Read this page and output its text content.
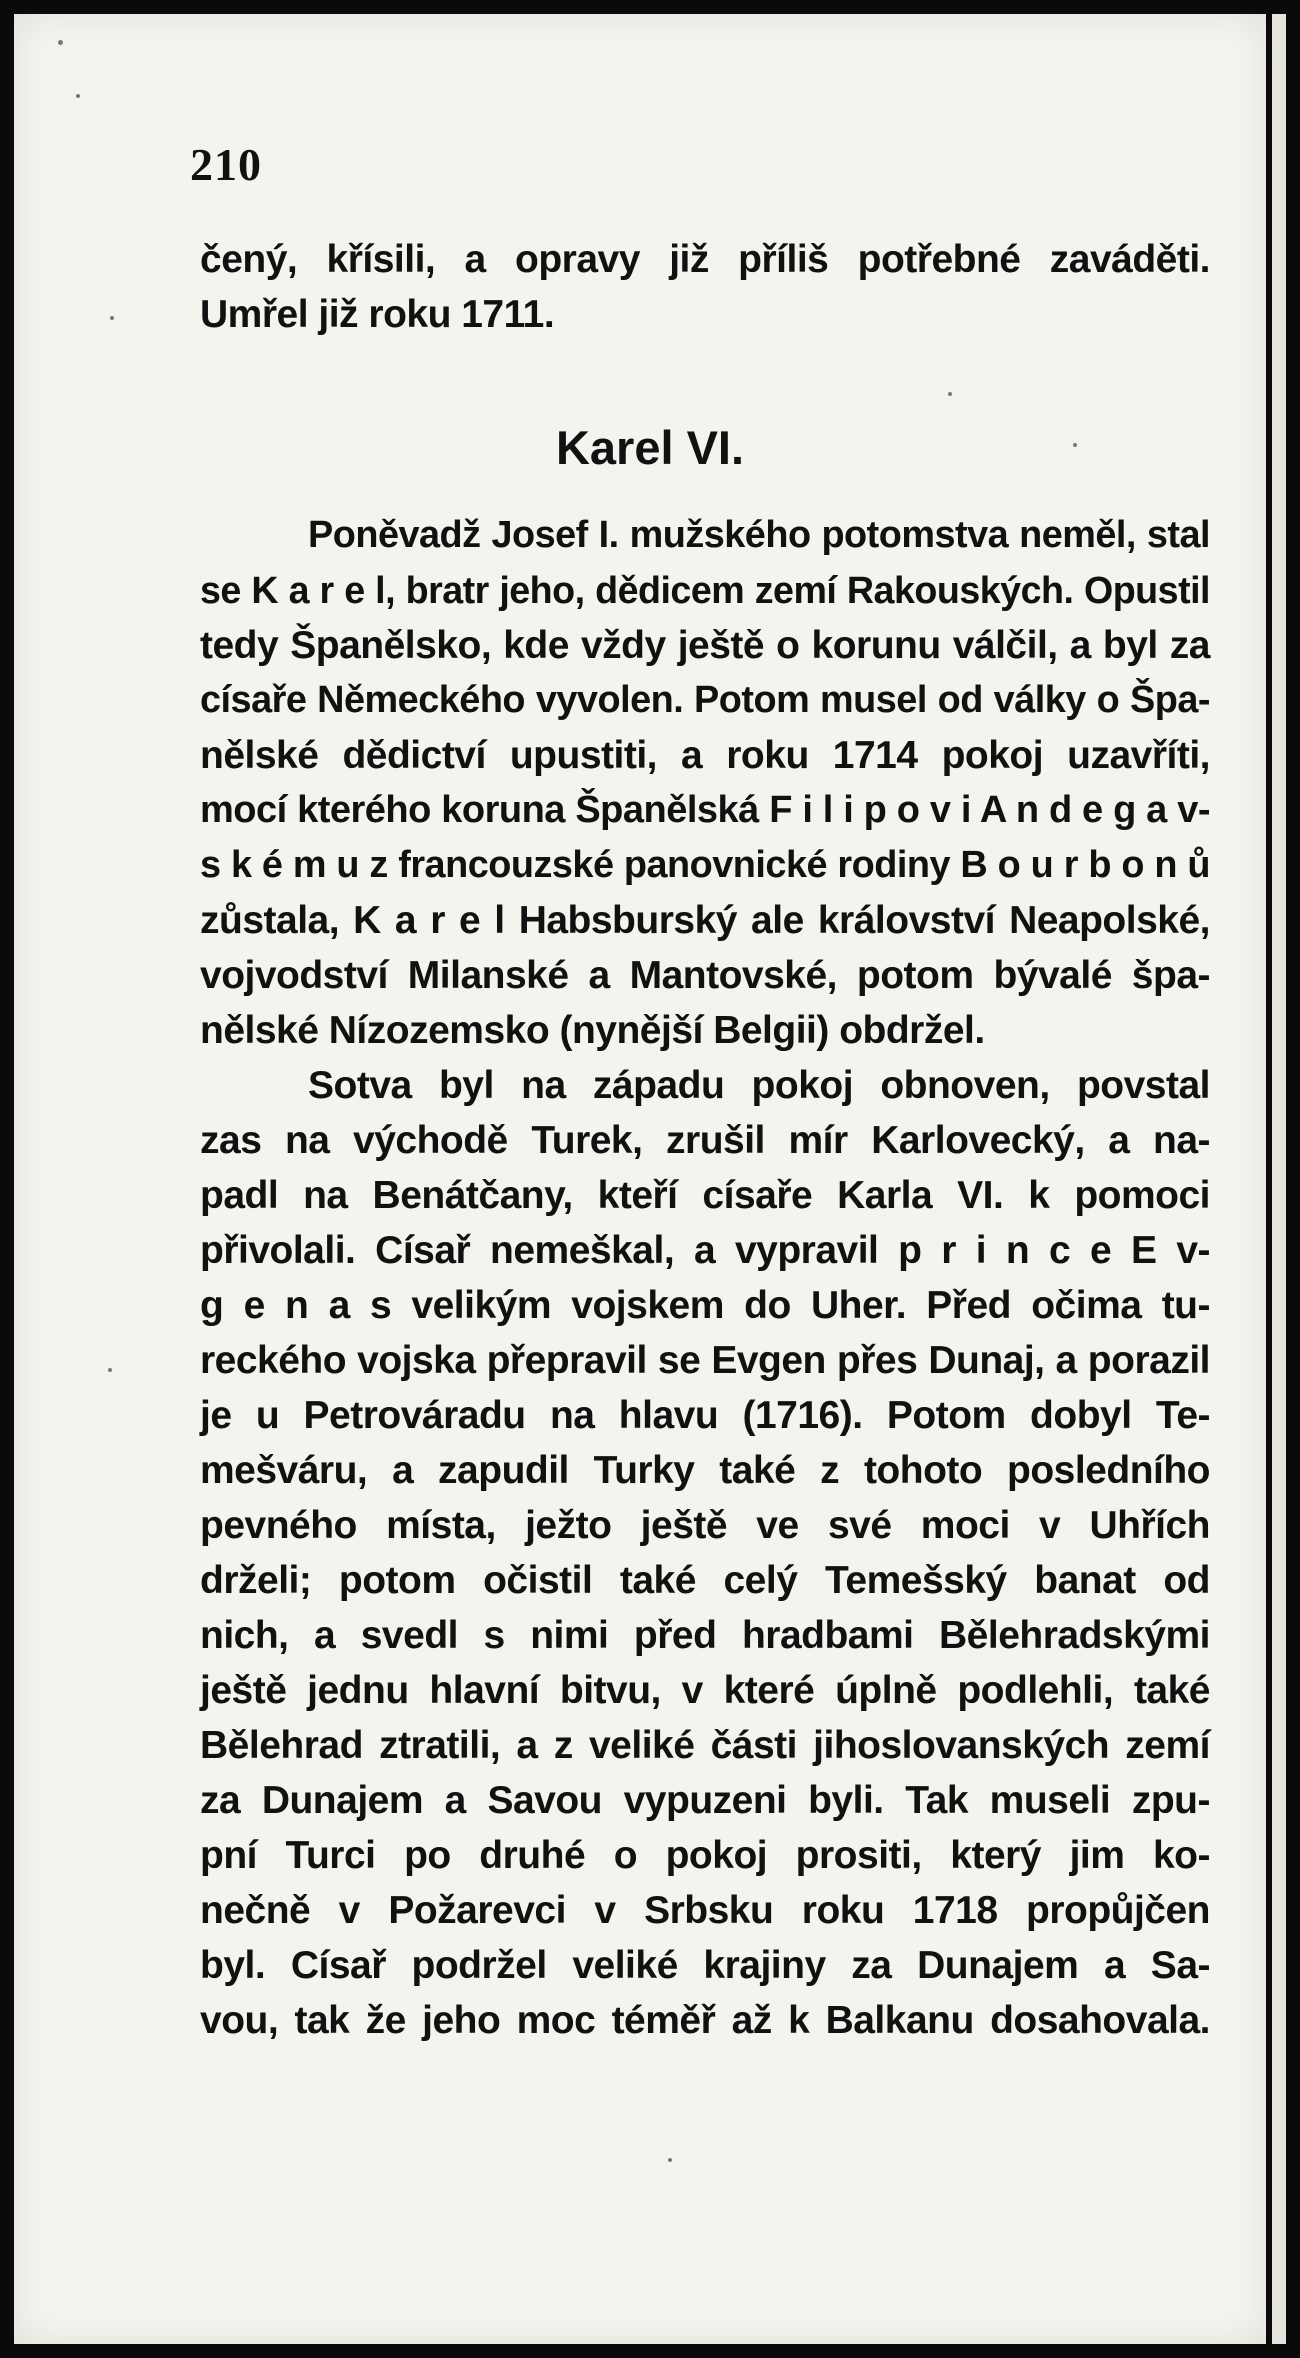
210
čený, křísili, a opravy již příliš potřebné zaváděti.
Umřel již roku 1711.
Karel VI.
Poněvadž Josef I. mužského potomstva neměl, stal
se K a r e l, bratr jeho, dědicem zemí Rakouských. Opustil
tedy Španělsko, kde vždy ještě o korunu válčil, a byl za
císaře Německého vyvolen. Potom musel od války o Špa-
nělské dědictví upustiti, a roku 1714 pokoj uzavříti,
mocí kterého koruna Španělská F i l i p o v i A n d e g a v-
s k é m u z francouzské panovnické rodiny B o u r b o n ů
zůstala, K a r e l Habsburský ale království Neapolské,
vojvodství Milanské a Mantovské, potom bývalé špa-
nělské Nízozemsko (nynější Belgii) obdržel.
Sotva byl na západu pokoj obnoven, povstal
zas na východě Turek, zrušil mír Karlovecký, a na-
padl na Benátčany, kteří císaře Karla VI. k pomoci
přivolali. Císař nemeškal, a vypravil p r i n c e E v-
g e n a s velikým vojskem do Uher. Před očima tu-
reckého vojska přepravil se Evgen přes Dunaj, a porazil
je u Petrováradu na hlavu (1716). Potom dobyl Te-
mešváru, a zapudil Turky také z tohoto posledního
pevného místa, ježto ještě ve své moci v Uhřích
drželi; potom očistil také celý Temešský banat od
nich, a svedl s nimi před hradbami Bělehradskými
ještě jednu hlavní bitvu, v které úplně podlehli, také
Bělehrad ztratili, a z veliké části jihoslovanských zemí
za Dunajem a Savou vypuzeni byli. Tak museli zpu-
pní Turci po druhé o pokoj prositi, který jim ko-
nečně v Požarevci v Srbsku roku 1718 propůjčen
byl. Císař podržel veliké krajiny za Dunajem a Sa-
vou, tak že jeho moc téměř až k Balkanu dosahovala.
